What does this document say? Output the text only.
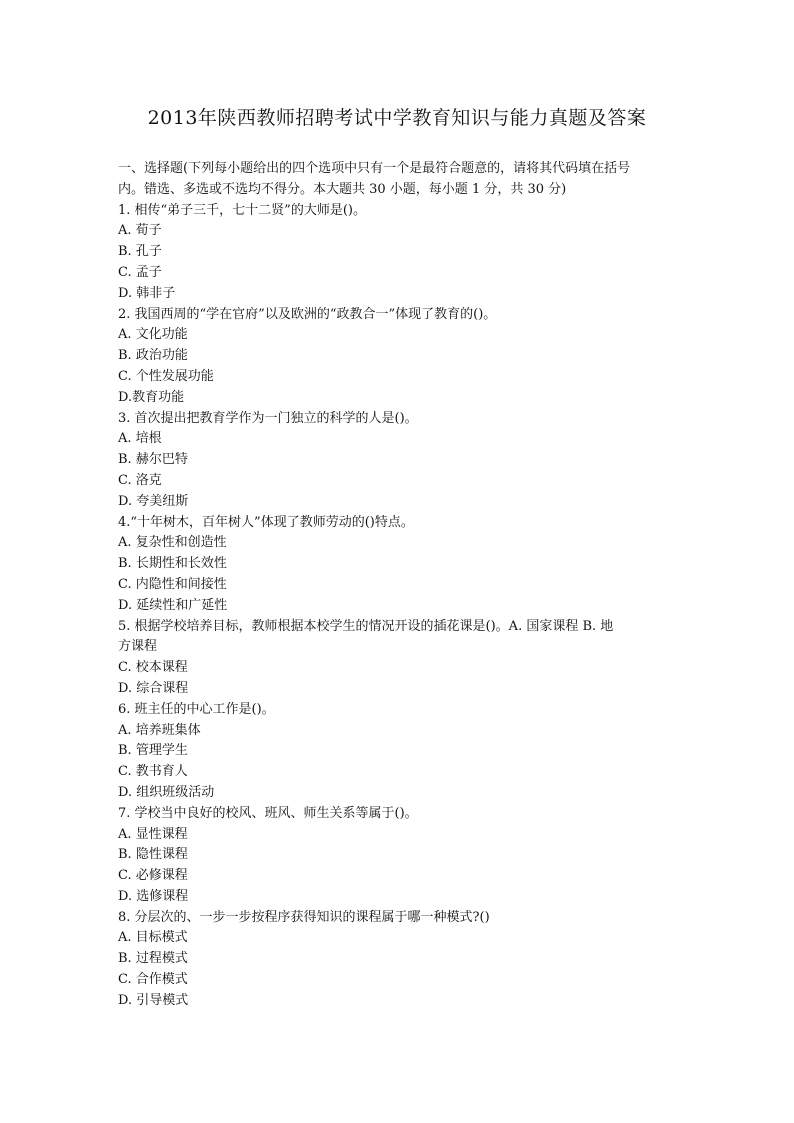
2013年陕西教师招聘考试中学教育知识与能力真题及答案
一、选择题(下列每小题给出的四个选项中只有一个是最符合题意的，请将其代码填在括号
内。错选、多选或不选均不得分。本大题共 30 小题，每小题 1 分，共 30 分)
1. 相传“弟子三千，七十二贤”的大师是()。
A. 荀子
B. 孔子
C. 孟子
D. 韩非子
2. 我国西周的“学在官府”以及欧洲的“政教合一”体现了教育的()。
A. 文化功能
B. 政治功能
C. 个性发展功能
D.教育功能
3. 首次提出把教育学作为一门独立的科学的人是()。
A. 培根
B. 赫尔巴特
C. 洛克
D. 夸美纽斯
4.“十年树木，百年树人”体现了教师劳动的()特点。
A. 复杂性和创造性
B. 长期性和长效性
C. 内隐性和间接性
D. 延续性和广延性
5. 根据学校培养目标，教师根据本校学生的情况开设的插花课是()。A. 国家课程 B. 地
方课程
C. 校本课程
D. 综合课程
6. 班主任的中心工作是()。
A. 培养班集体
B. 管理学生
C. 教书育人
D. 组织班级活动
7. 学校当中良好的校风、班风、师生关系等属于()。
A. 显性课程
B. 隐性课程
C. 必修课程
D. 选修课程
8. 分层次的、一步一步按程序获得知识的课程属于哪一种模式?()
A. 目标模式
B. 过程模式
C. 合作模式
D. 引导模式
